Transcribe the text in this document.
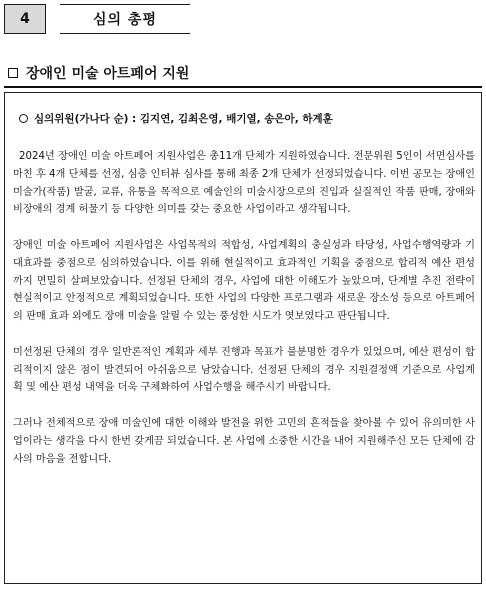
4	심의 총평
장애인 미술 아트페어 지원
심의위원(가나다 순) : 김지연, 김최은영, 배기열, 송은아, 하계훈

2024년 장애인 미술 아트페어 지원사업은 총11개 단체가 지원하였습니다. 전문위원 5인이 서면심사를 마친 후 4개 단체를 선정, 심층 인터뷰 심사를 통해 최종 2개 단체가 선정되었습니다. 이번 공모는 장애인 미술가(작품) 발굴, 교류, 유통을 목적으로 예술인의 미술시장으로의 진입과 실질적인 작품 판매, 장애와 비장애의 경계 허물기 등 다양한 의미를 갖는 중요한 사업이라고 생각됩니다.

장애인 미술 아트페어 지원사업은 사업목적의 적합성, 사업계획의 충실성과 타당성, 사업수행역량과 기대효과를 중점으로 심의하였습니다. 이를 위해 현실적이고 효과적인 기획을 중점으로 합리적 예산 편성까지 면밀히 살펴보았습니다. 선정된 단체의 경우, 사업에 대한 이해도가 높았으며, 단계별 추진 전략이 현실적이고 안정적으로 계획되었습니다. 또한 사업의 다양한 프로그램과 새로운 장소성 등으로 아트페어의 판매 효과 외에도 장애 미술을 알릴 수 있는 풍성한 시도가 엿보였다고 판단됩니다.

미선정된 단체의 경우 일반론적인 계획과 세부 진행과 목표가 불분명한 경우가 있었으며, 예산 편성이 합리적이지 않은 점이 발견되어 아쉬움으로 남았습니다. 선정된 단체의 경우 지원결정액 기준으로 사업계획 및 예산 편성 내역을 더욱 구체화하여 사업수행을 해주시기 바랍니다.

그러나 전체적으로 장애 미술인에 대한 이해와 발전을 위한 고민의 흔적들을 찾아볼 수 있어 유의미한 사업이라는 생각을 다시 한번 갖게끔 되었습니다. 본 사업에 소중한 시간을 내어 지원해주신 모든 단체에 감사의 마음을 전합니다.
